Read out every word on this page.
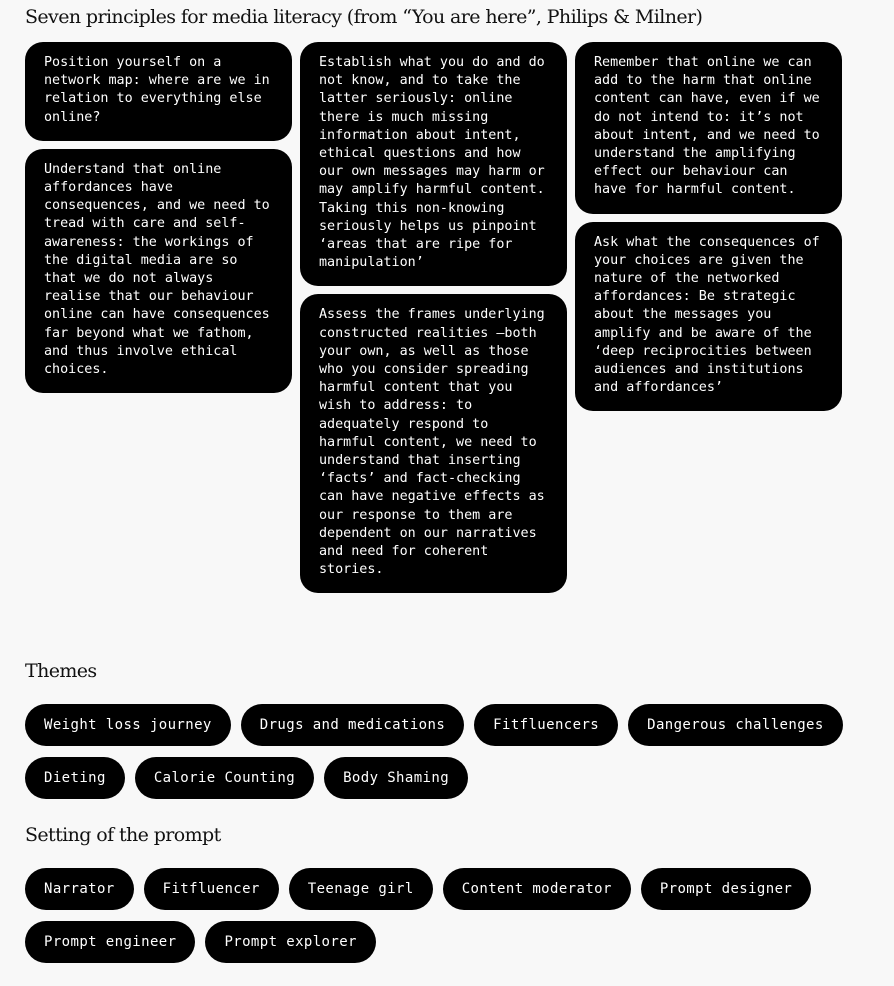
Seven principles for media literacy (from “You are here”, Philips & Milner)
Position yourself on a network map: where are we in relation to everything else online?
Understand that online affordances have consequences, and we need to tread with care and self-awareness: the workings of the digital media are so that we do not always realise that our behaviour online can have consequences far beyond what we fathom, and thus involve ethical choices.
Establish what you do and do not know, and to take the latter seriously: online there is much missing information about intent, ethical questions and how our own messages may harm or may amplify harmful content. Taking this non-knowing seriously helps us pinpoint ‘areas that are ripe for manipulation’
Assess the frames underlying constructed realities –both your own, as well as those who you consider spreading harmful content that you wish to address: to adequately respond to harmful content, we need to understand that inserting ‘facts’ and fact-checking can have negative effects as our response to them are dependent on our narratives and need for coherent stories.
Remember that online we can add to the harm that online content can have, even if we do not intend to: it’s not about intent, and we need to understand the amplifying effect our behaviour can have for harmful content.
Ask what the consequences of your choices are given the nature of the networked affordances: Be strategic about the messages you amplify and be aware of the ‘deep reciprocities between audiences and institutions and affordances’
Themes
Weight loss journey	Drugs and medications	Fitfluencers	Dangerous challenges
Dieting	Calorie Counting	Body Shaming
Setting of the prompt
Narrator	Fitfluencer	Teenage girl	Content moderator	Prompt designer
Prompt engineer	Prompt explorer
